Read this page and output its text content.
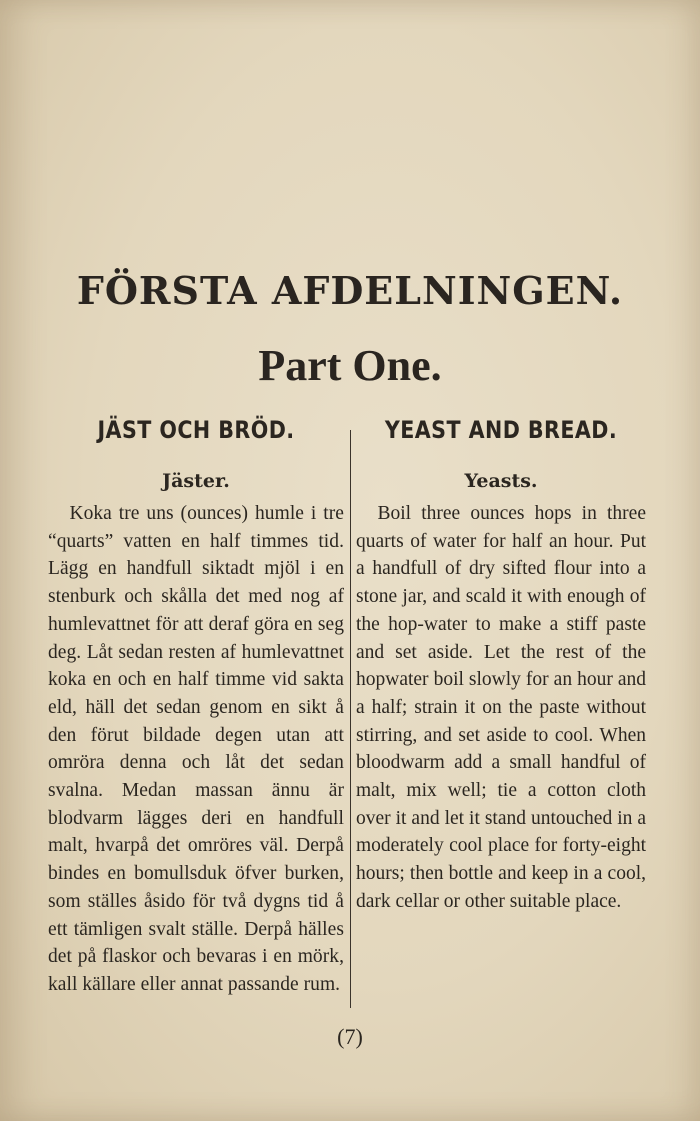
FÖRSTA AFDELNINGEN.
Part One.
JÄST OCH BRÖD.
Jäster.

Koka tre uns (ounces) humle i tre “quarts” vatten en half timmes tid. Lägg en handfull siktadt mjöl i en stenburk och skålla det med nog af humlevattnet för att deraf göra en seg deg. Låt sedan resten af humlevattnet koka en och en half timme vid sakta eld, häll det sedan genom en sikt å den förut bildade degen utan att omröra denna och låt det sedan svalna. Medan massan ännu är blodvarm lägges deri en handfull malt, hvarpå det omröres väl. Derpå bindes en bomullsduk öfver burken, som ställes åsido för två dygns tid å ett tämligen svalt ställe. Derpå hälles det på flaskor och bevaras i en mörk, kall källare eller annat passande rum.

YEAST AND BREAD.
Yeasts.

Boil three ounces hops in three quarts of water for half an hour. Put a handfull of dry sifted flour into a stone jar, and scald it with enough of the hop-water to make a stiff paste and set aside. Let the rest of the hopwater boil slowly for an hour and a half; strain it on the paste without stirring, and set aside to cool. When bloodwarm add a small handful of malt, mix well; tie a cotton cloth over it and let it stand untouched in a moderately cool place for forty-eight hours; then bottle and keep in a cool, dark cellar or other suitable place.

(7)
